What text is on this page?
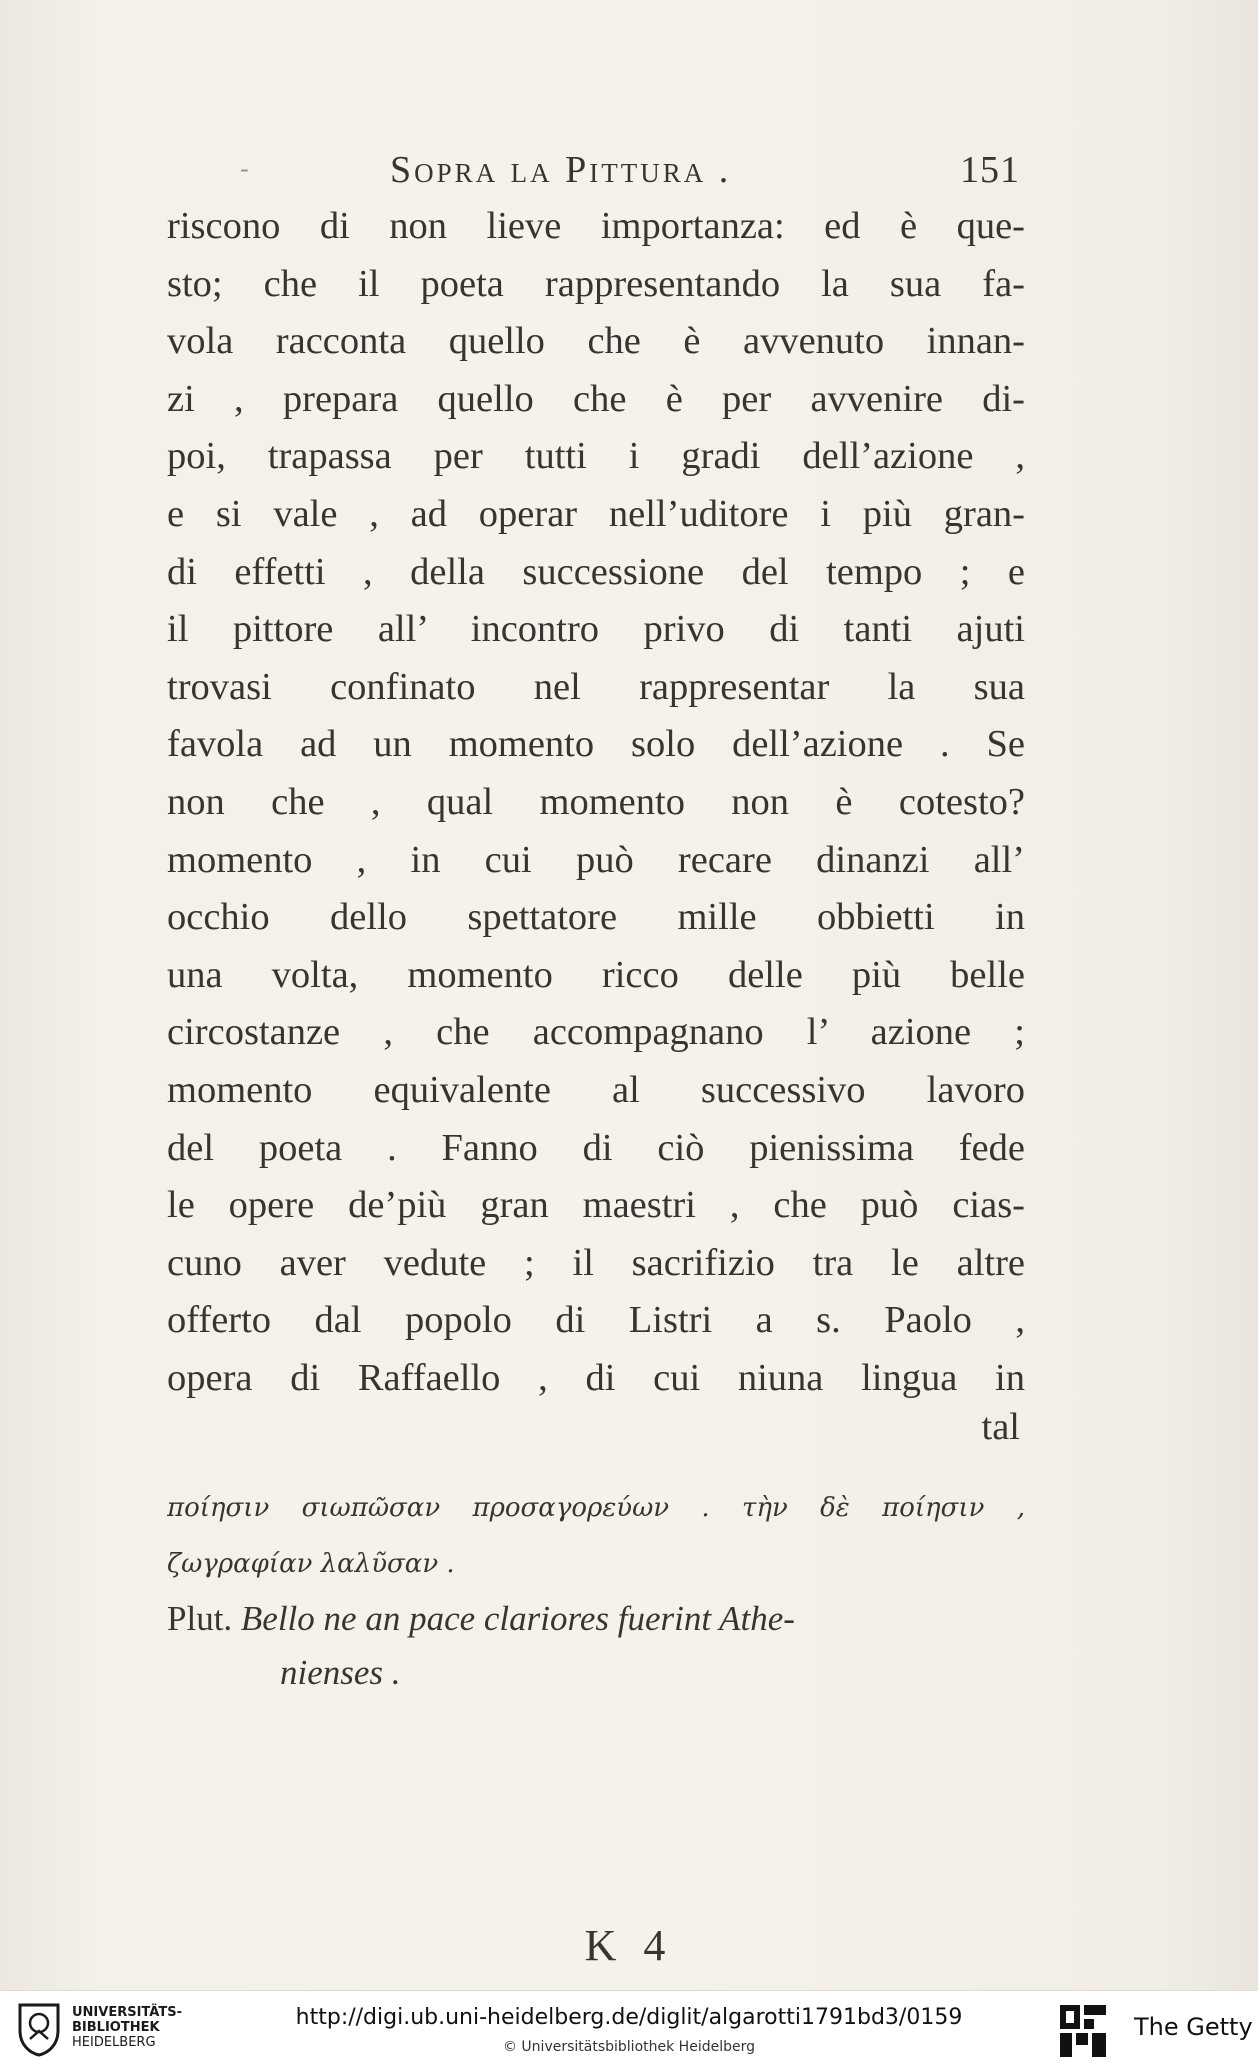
-	Sopra la Pittura .	151
riscono di non lieve importanza: ed è que-
sto; che il poeta rappresentando la sua fa-
vola racconta quello che è avvenuto innan-
zi , prepara quello che è per avvenire di-
poi, trapassa per tutti i gradi dell’azione ,
e si vale , ad operar nell’uditore i più gran-
di effetti , della successione del tempo ; e
il pittore all’ incontro privo di tanti ajuti
trovasi confinato nel rappresentar la sua
favola ad un momento solo dell’azione . Se
non che , qual momento non è cotesto?
momento , in cui può recare dinanzi all’
occhio dello spettatore mille obbietti in
una volta, momento ricco delle più belle
circostanze , che accompagnano l’ azione ;
momento equivalente al successivo lavoro
del poeta . Fanno di ciò pienissima fede
le opere de’più gran maestri , che può cias-
cuno aver vedute ; il sacrifizio tra le altre
offerto dal popolo di Listri a s. Paolo ,
opera di Raffaello , di cui niuna lingua in
tal
ποίησιν σιωπῶσαν προσαγορεύων . τὴν δὲ ποίησιν ,
ζωγραφίαν λαλῦσαν .
Plut. Bello ne an pace clariores fuerint Athe-
nienses .
K 4
UNIVERSITÄTS-
BIBLIOTHEK
HEIDELBERG
http://digi.ub.uni-heidelberg.de/diglit/algarotti1791bd3/0159
© Universitätsbibliothek Heidelberg
The Getty
